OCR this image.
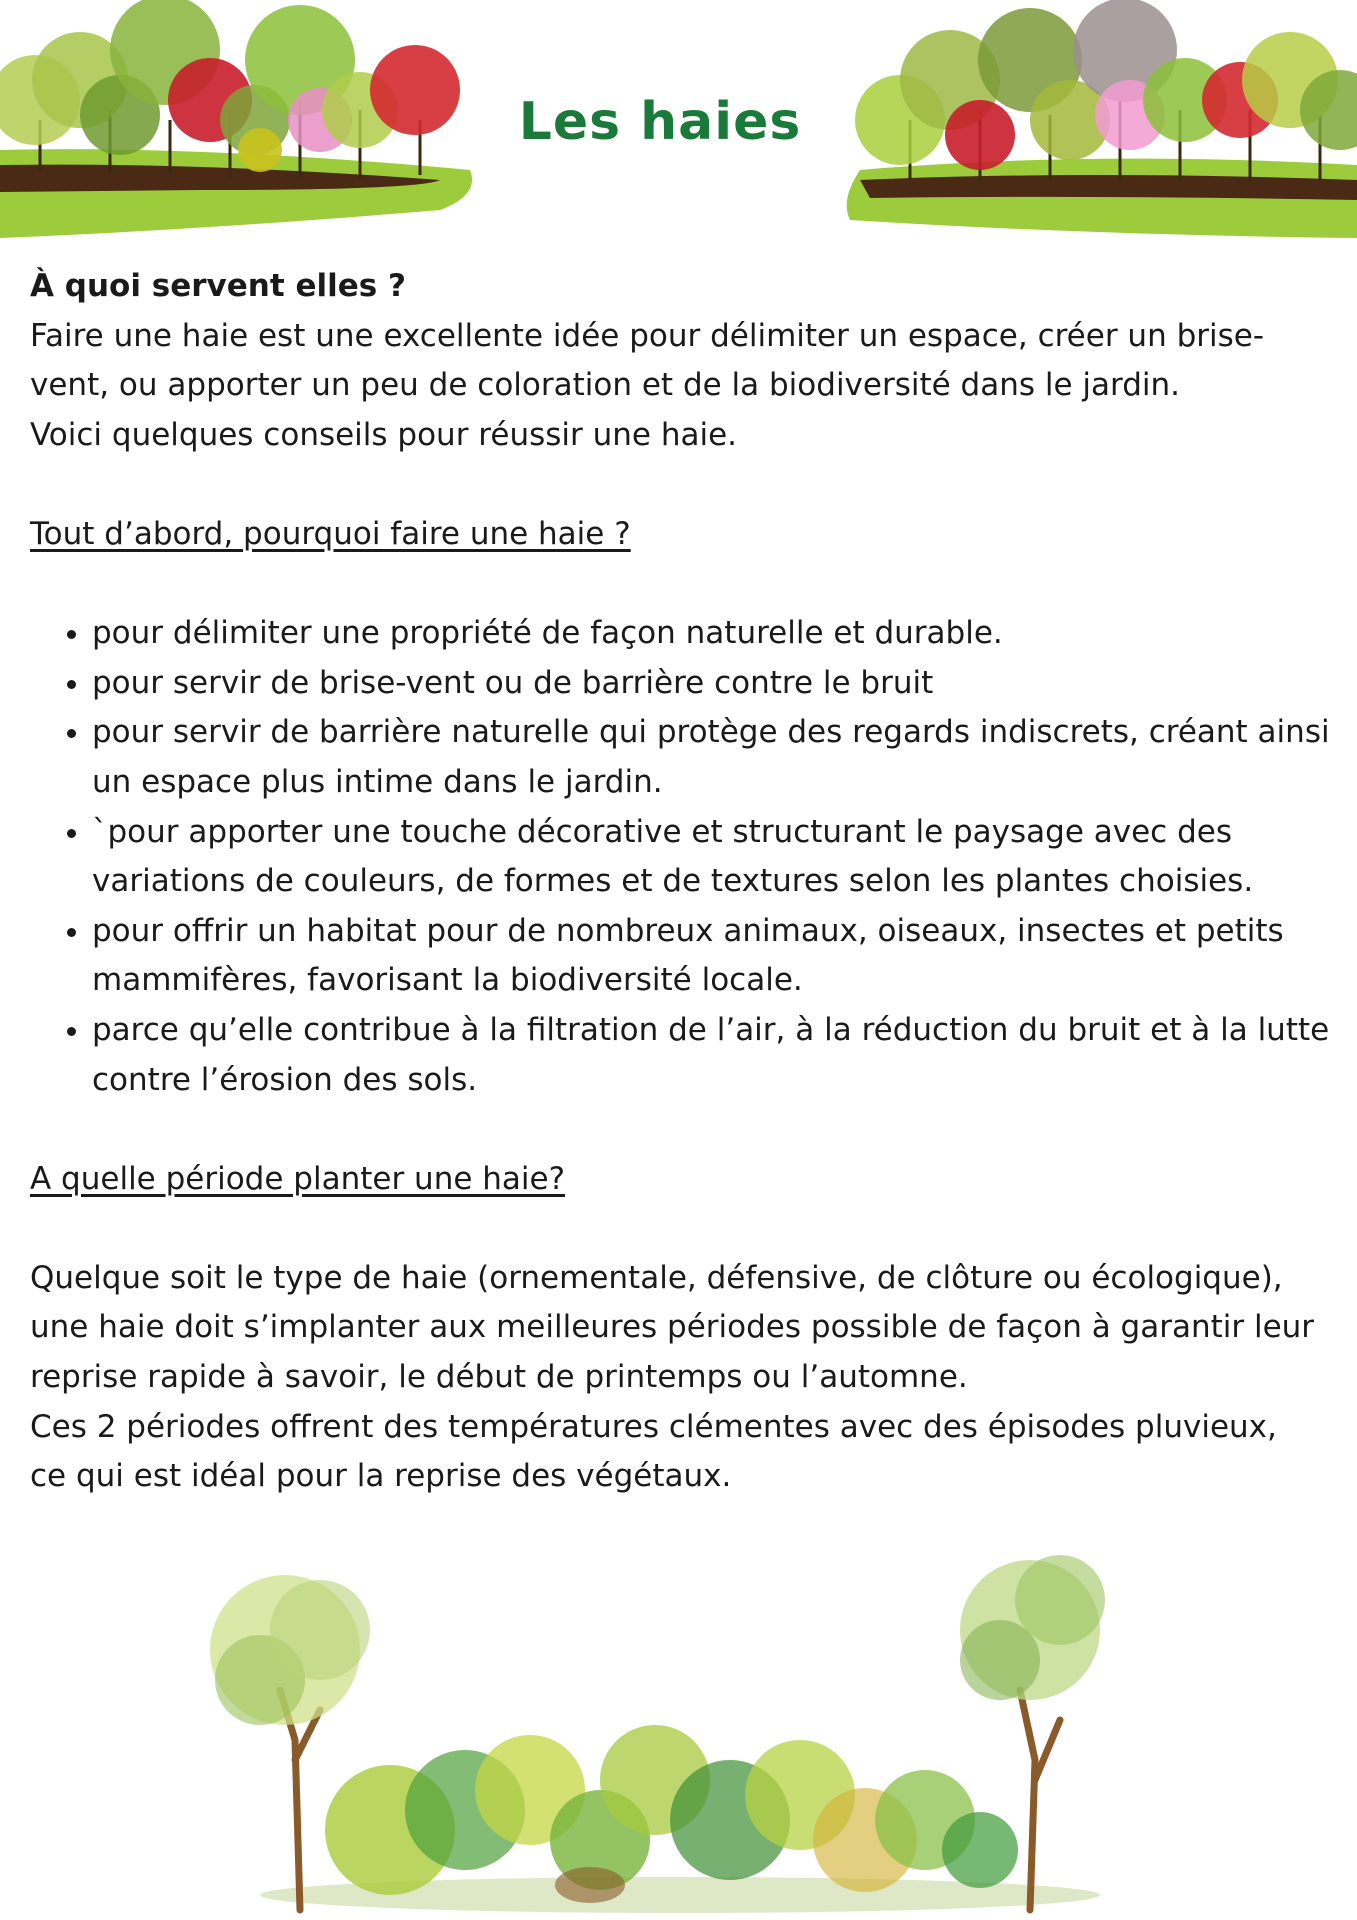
Les haies

À quoi servent elles ?

Faire une haie est une excellente idée pour délimiter un espace, créer un brise-

vent, ou apporter un peu de coloration et de la biodiversité dans le jardin.

Voici quelques conseils pour réussir une haie.

Tout d’abord, pourquoi faire une haie ?

• pour délimiter une propriété de façon naturelle et durable.
• pour servir de brise-vent ou de barrière contre le bruit
• pour servir de barrière naturelle qui protège des regards indiscrets, créant ainsi un espace plus intime dans le jardin.
• `pour apporter une touche décorative et structurant le paysage avec des variations de couleurs, de formes et de textures selon les plantes choisies.
• pour offrir un habitat pour de nombreux animaux, oiseaux, insectes et petits mammifères, favorisant la biodiversité locale.
• parce qu’elle contribue à la filtration de l’air, à la réduction du bruit et à la lutte contre l’érosion des sols.

A quelle période planter une haie?

Quelque soit le type de haie (ornementale, défensive, de clôture ou écologique),

une haie doit s’implanter aux meilleures périodes possible de façon à garantir leur

reprise rapide à savoir, le début de printemps ou l’automne.

Ces 2 périodes offrent des températures clémentes avec des épisodes pluvieux,

ce qui est idéal pour la reprise des végétaux.
